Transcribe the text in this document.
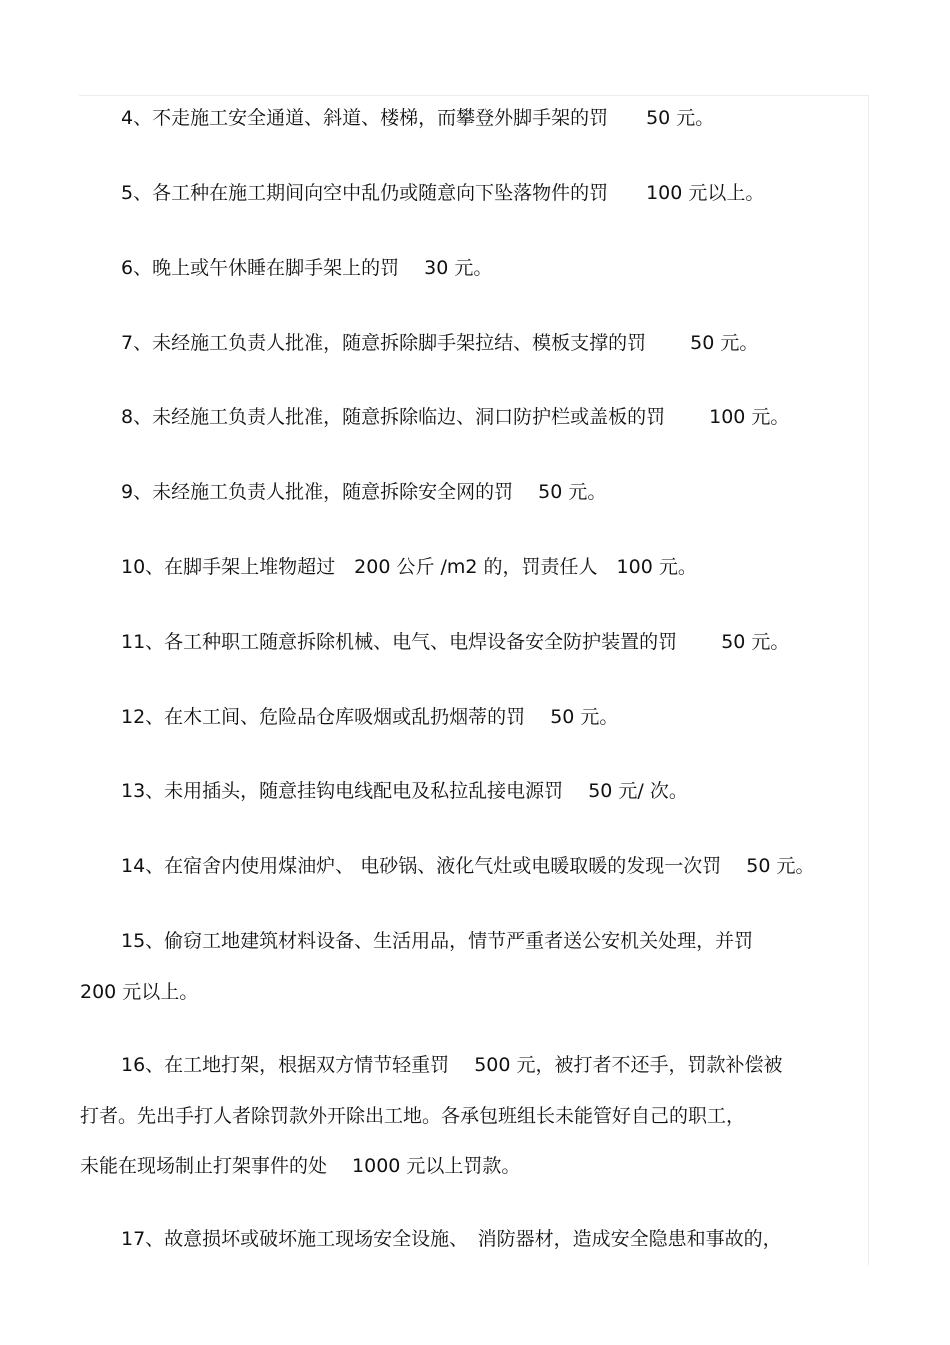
4、不走施工安全通道、斜道、楼梯，而攀登外脚手架的罚　　50 元。
5、各工种在施工期间向空中乱仍或随意向下坠落物件的罚　　100 元以上。
6、晚上或午休睡在脚手架上的罚　 30 元。
7、未经施工负责人批准，随意拆除脚手架拉结、模板支撑的罚　　 50 元。
8、未经施工负责人批准，随意拆除临边、洞口防护栏或盖板的罚　　 100 元。
9、未经施工负责人批准，随意拆除安全网的罚　 50 元。
10、在脚手架上堆物超过　200 公斤 /m2 的，罚责任人　100 元。
11、各工种职工随意拆除机械、电气、电焊设备安全防护装置的罚　　 50 元。
12、在木工间、危险品仓库吸烟或乱扔烟蒂的罚　 50 元。
13、未用插头，随意挂钩电线配电及私拉乱接电源罚　 50 元/ 次。
14、在宿舍内使用煤油炉、 电砂锅、液化气灶或电暖取暖的发现一次罚　 50 元。
15、偷窃工地建筑材料设备、生活用品，情节严重者送公安机关处理，并罚
200 元以上。
16、在工地打架，根据双方情节轻重罚　 500 元，被打者不还手，罚款补偿被
打者。先出手打人者除罚款外开除出工地。各承包班组长未能管好自己的职工，
未能在现场制止打架事件的处　 1000 元以上罚款。
17、故意损坏或破坏施工现场安全设施、　消防器材，造成安全隐患和事故的，
